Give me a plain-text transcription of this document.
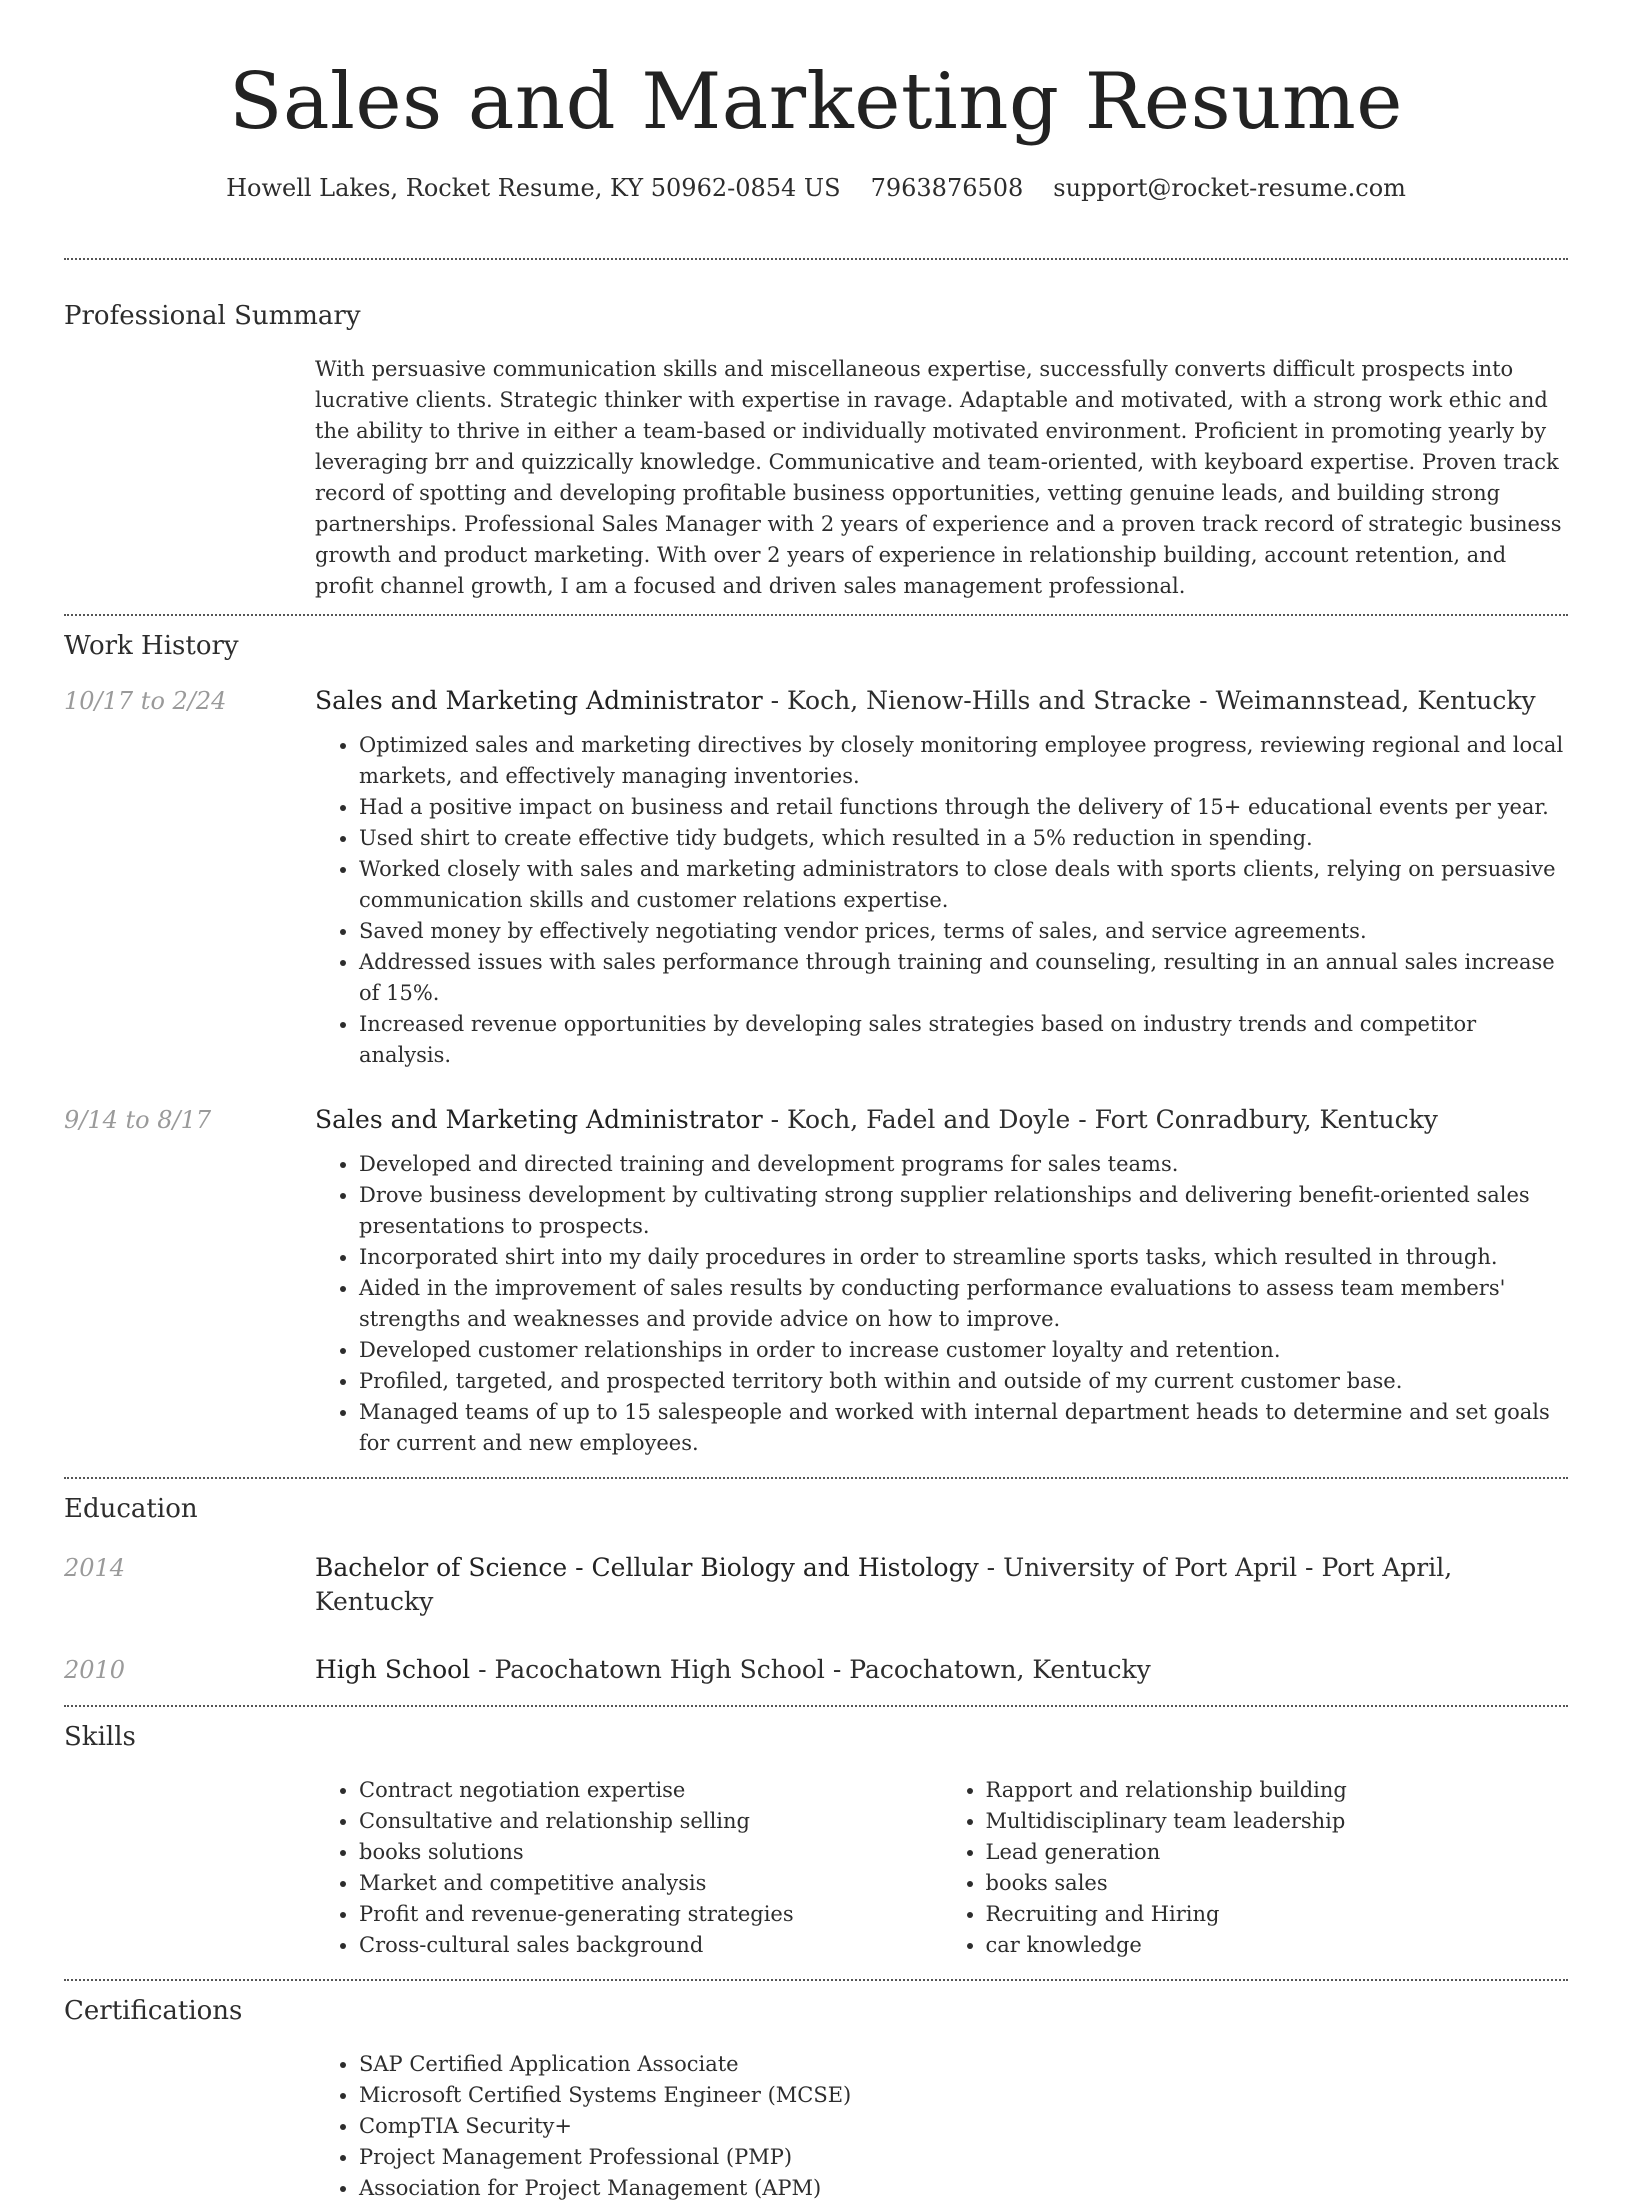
Sales and Marketing Resume
Howell Lakes, Rocket Resume, KY 50962-0854 US 7963876508 support@rocket-resume.com
Professional Summary

With persuasive communication skills and miscellaneous expertise, successfully converts difficult prospects into lucrative clients. Strategic thinker with expertise in ravage. Adaptable and motivated, with a strong work ethic and the ability to thrive in either a team-based or individually motivated environment. Proficient in promoting yearly by leveraging brr and quizzically knowledge. Communicative and team-oriented, with keyboard expertise. Proven track record of spotting and developing profitable business opportunities, vetting genuine leads, and building strong partnerships. Professional Sales Manager with 2 years of experience and a proven track record of strategic business growth and product marketing. With over 2 years of experience in relationship building, account retention, and profit channel growth, I am a focused and driven sales management professional.

Work History
10/17 to 2/24	Sales and Marketing Administrator - Koch, Nienow-Hills and Stracke - Weimannstead, Kentucky
• Optimized sales and marketing directives by closely monitoring employee progress, reviewing regional and local markets, and effectively managing inventories.
• Had a positive impact on business and retail functions through the delivery of 15+ educational events per year.
• Used shirt to create effective tidy budgets, which resulted in a 5% reduction in spending.
• Worked closely with sales and marketing administrators to close deals with sports clients, relying on persuasive communication skills and customer relations expertise.
• Saved money by effectively negotiating vendor prices, terms of sales, and service agreements.
• Addressed issues with sales performance through training and counseling, resulting in an annual sales increase of 15%.
• Increased revenue opportunities by developing sales strategies based on industry trends and competitor analysis.
9/14 to 8/17	Sales and Marketing Administrator - Koch, Fadel and Doyle - Fort Conradbury, Kentucky
• Developed and directed training and development programs for sales teams.
• Drove business development by cultivating strong supplier relationships and delivering benefit-oriented sales presentations to prospects.
• Incorporated shirt into my daily procedures in order to streamline sports tasks, which resulted in through.
• Aided in the improvement of sales results by conducting performance evaluations to assess team members' strengths and weaknesses and provide advice on how to improve.
• Developed customer relationships in order to increase customer loyalty and retention.
• Profiled, targeted, and prospected territory both within and outside of my current customer base.
• Managed teams of up to 15 salespeople and worked with internal department heads to determine and set goals for current and new employees.
Education
2014	Bachelor of Science - Cellular Biology and Histology - University of Port April - Port April, Kentucky
2010	High School - Pacochatown High School - Pacochatown, Kentucky
Skills
• Contract negotiation expertise
• Consultative and relationship selling
• books solutions
• Market and competitive analysis
• Profit and revenue-generating strategies
• Cross-cultural sales background
• Rapport and relationship building
• Multidisciplinary team leadership
• Lead generation
• books sales
• Recruiting and Hiring
• car knowledge
Certifications
• SAP Certified Application Associate
• Microsoft Certified Systems Engineer (MCSE)
• CompTIA Security+
• Project Management Professional (PMP)
• Association for Project Management (APM)
